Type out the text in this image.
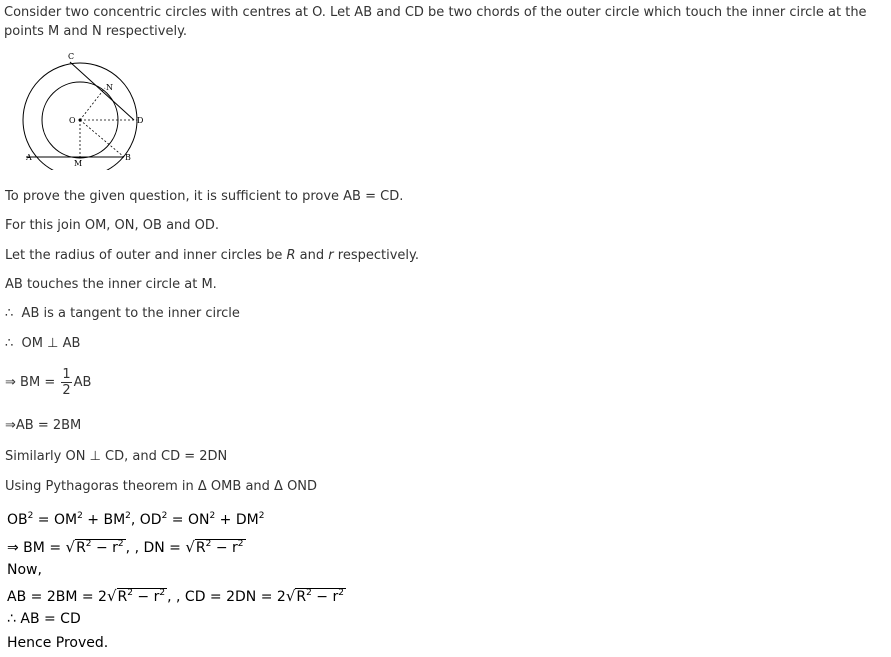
Consider two concentric circles with centres at O. Let AB and CD be two chords of the outer circle which touch the inner circle at the points M and N respectively.
C
N
O	D
A
M
B
To prove the given question, it is sufficient to prove AB = CD.
For this join OM, ON, OB and OD.
Let the radius of outer and inner circles be R and r respectively.
AB touches the inner circle at M.
∴ AB is a tangent to the inner circle
∴ OM ⊥ AB
⇒ BM = $\frac{1}{2}$ AB
⇒AB = 2BM
Similarly ON ⊥ CD, and CD = 2DN
Using Pythagoras theorem in Δ OMB and Δ OND
$OB^2 = OM^2 + BM^2$, $OD^2 = ON^2 + DM^2$
⇒ BM = $√R^2 - r^2$ , , DN = $√R^2 - r^2$
Now,
AB = $2BM = 2√R^2 - r^2$ , , CD = $2DN = 2√R^2 - r^2$
∴ AB = CD
Hence Proved.
